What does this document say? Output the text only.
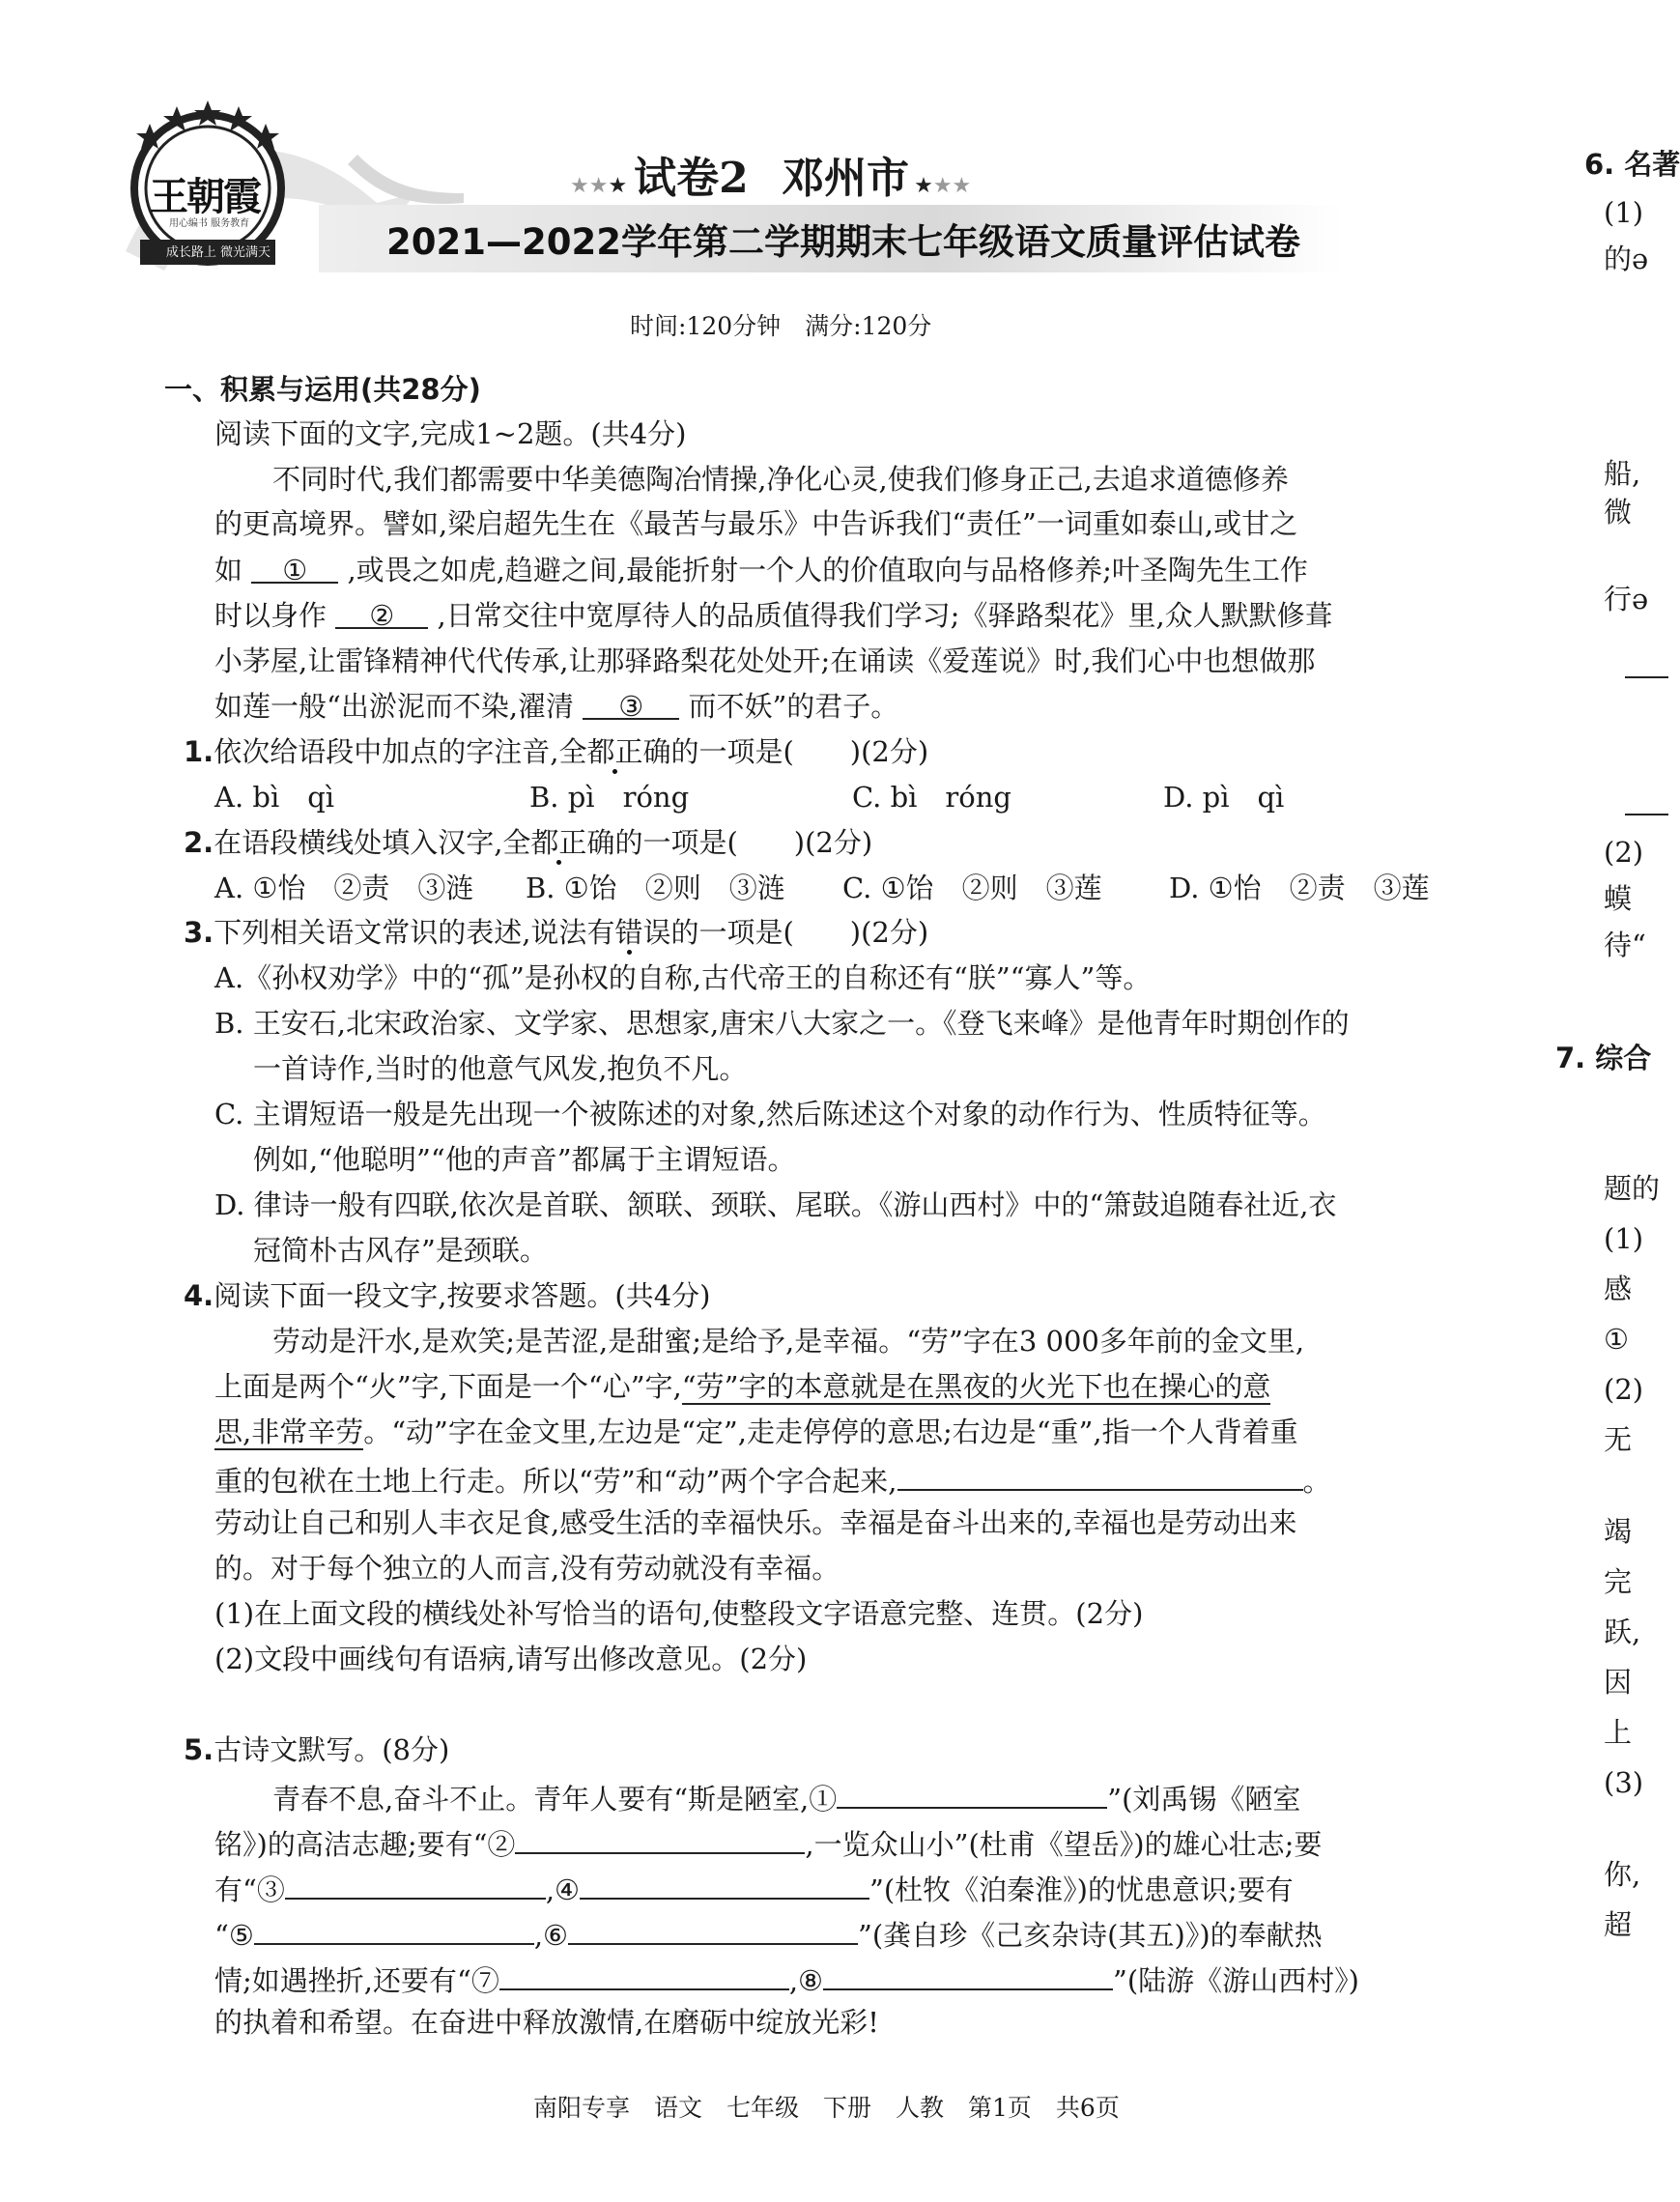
王朝霞
用心编书 服务教育
成长路上 微光满天
★★★ 试卷2 邓州市 ★★★
2021—2022学年第二学期期末七年级语文质量评估试卷
时间:120分钟　满分:120分
一、积累与运用(共28分)
阅读下面的文字,完成1~2题。(共4分)
不同时代,我们都需要中华美德陶冶情操,净化心灵,使我们修身正己,去追求道德修养
的更高境界。譬如,梁启超先生在《最苦与最乐》中告诉我们“责任”一词重如泰山,或甘之
如 ① ,或畏之如虎,趋避之间,最能折射一个人的价值取向与品格修养;叶圣陶先生工作
时以身作 ② ,日常交往中宽厚待人的品质值得我们学习;《驿路梨花》里,众人默默修葺
小茅屋,让雷锋精神代代传承,让那驿路梨花处处开;在诵读《爱莲说》时,我们心中也想做那
如莲一般“出淤泥而不染,濯清 ③ 而不妖”的君子。
1.依次给语段中加点的字注音,全都正确的一项是(　　)(2分)
A. bì　qì	B. pì　róng	C. bì　róng	D. pì　qì
2.在语段横线处填入汉字,全都正确的一项是(　　)(2分)
A. ①怡　②责　③涟 B. ①饴　②则　③涟 C. ①饴　②则　③莲 D. ①怡　②责　③莲
3.下列相关语文常识的表述,说法有错误的一项是(　　)(2分)
A.《孙权劝学》中的“孤”是孙权的自称,古代帝王的自称还有“朕”“寡人”等。
B. 王安石,北宋政治家、文学家、思想家,唐宋八大家之一。《登飞来峰》是他青年时期创作的
一首诗作,当时的他意气风发,抱负不凡。
C. 主谓短语一般是先出现一个被陈述的对象,然后陈述这个对象的动作行为、性质特征等。
例如,“他聪明”“他的声音”都属于主谓短语。
D. 律诗一般有四联,依次是首联、颔联、颈联、尾联。《游山西村》中的“箫鼓追随春社近,衣
冠简朴古风存”是颈联。
4.阅读下面一段文字,按要求答题。(共4分)
劳动是汗水,是欢笑;是苦涩,是甜蜜;是给予,是幸福。“劳”字在3 000多年前的金文里,
上面是两个“火”字,下面是一个“心”字,“劳”字的本意就是在黑夜的火光下也在操心的意
思,非常辛劳。“动”字在金文里,左边是“定”,走走停停的意思;右边是“重”,指一个人背着重
重的包袱在土地上行走。所以“劳”和“动”两个字合起来,	。
劳动让自己和别人丰衣足食,感受生活的幸福快乐。幸福是奋斗出来的,幸福也是劳动出来
的。对于每个独立的人而言,没有劳动就没有幸福。
(1)在上面文段的横线处补写恰当的语句,使整段文字语意完整、连贯。(2分)
(2)文段中画线句有语病,请写出修改意见。(2分)
5.古诗文默写。(8分)
青春不息,奋斗不止。青年人要有“斯是陋室,①	”(刘禹锡《陋室
铭》)的高洁志趣;要有“②	,一览众山小”(杜甫《望岳》)的雄心壮志;要
有“③	,④	”(杜牧《泊秦淮》)的忧患意识;要有
“⑤	,⑥	”(龚自珍《己亥杂诗(其五)》)的奉献热
情;如遇挫折,还要有“⑦	,⑧	”(陆游《游山西村》)
的执着和希望。在奋进中释放激情,在磨砺中绽放光彩!
南阳专享　语文　七年级　下册　人教　第1页　共6页
6. 名著
(1)
的ə
船,
微
行ə
(2)
蟆
待“
7. 综合
题的
(1)
感
①
(2)
无
竭
完
跃,
因
上
(3)
你,
超
